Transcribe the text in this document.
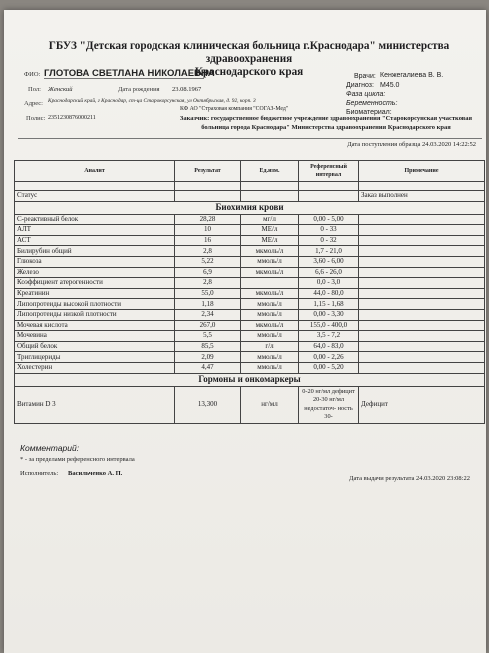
ГБУЗ "Детская городская клиническая больница г.Краснодара" министерства здравоохранения
Краснодарского края
ФИО: ГЛОТОВА СВЕТЛАНА НИКОЛАЕВНА
Пол: Женский	Дата рождения 23.08.1967
Адрес: Краснодарский край, г Краснодар, ст-ца Старокорсунская, ул Октябрьская, д. 92, корп. 3
КФ АО "Страховая компания "СОГАЗ-Мед"
Полис: 2351230876000211
Врачи: Кенжегалиева В. В.
Диагноз: М45.0
Фаза цикла:
Беременность:
Биоматериал:
Заказчик: государственное бюджетное учреждение здравоохранения "Старокорсунская участковая
больница города Краснодара" Министерства здравоохранения Краснодарского края
Дата поступления образца 24.03.2020 14:22:52
Аналит	Результат	Ед.изм.	Референсный интервал	Примечание

Статус				Заказ выполнен
Биохимия крови				
С-реактивный белок	28,28	мг/л	0,00 - 5,00	
АЛТ	10	МЕ/л	0 - 33	
АСТ	16	МЕ/л	0 - 32	
Билирубин общий	2,8	мкмоль/л	1,7 - 21,0	
Глюкоза	5,22	ммоль/л	3,60 - 6,00	
Железо	6,9	мкмоль/л	6,6 - 26,0	
Коэффициент атерогенности	2,8		0,0 - 3,0	
Креатинин	55,0	мкмоль/л	44,0 - 80,0	
Липопротеиды высокой плотности	1,18	ммоль/л	1,15 - 1,68	
Липопротеиды низкой плотности	2,34	ммоль/л	0,00 - 3,30	
Мочевая кислота	267,0	мкмоль/л	155,0 - 400,0	
Мочевина	5,5	ммоль/л	3,5 - 7,2	
Общий белок	85,5	г/л	64,0 - 83,0	
Триглицериды	2,09	ммоль/л	0,00 - 2,26	
Холестерин	4,47	ммоль/л	0,00 - 5,20	
Гормоны и онкомаркеры				
Витамин D 3	13,300	нг/мл	0-20 нг/мл дефицит
20-30 нг/мл
недостаточ- ность
30-	Дефицит
Комментарий:
* - за пределами референсного интервала
Исполнитель: Васильченко А. П.
Дата выдачи результата 24.03.2020 23:08:22
